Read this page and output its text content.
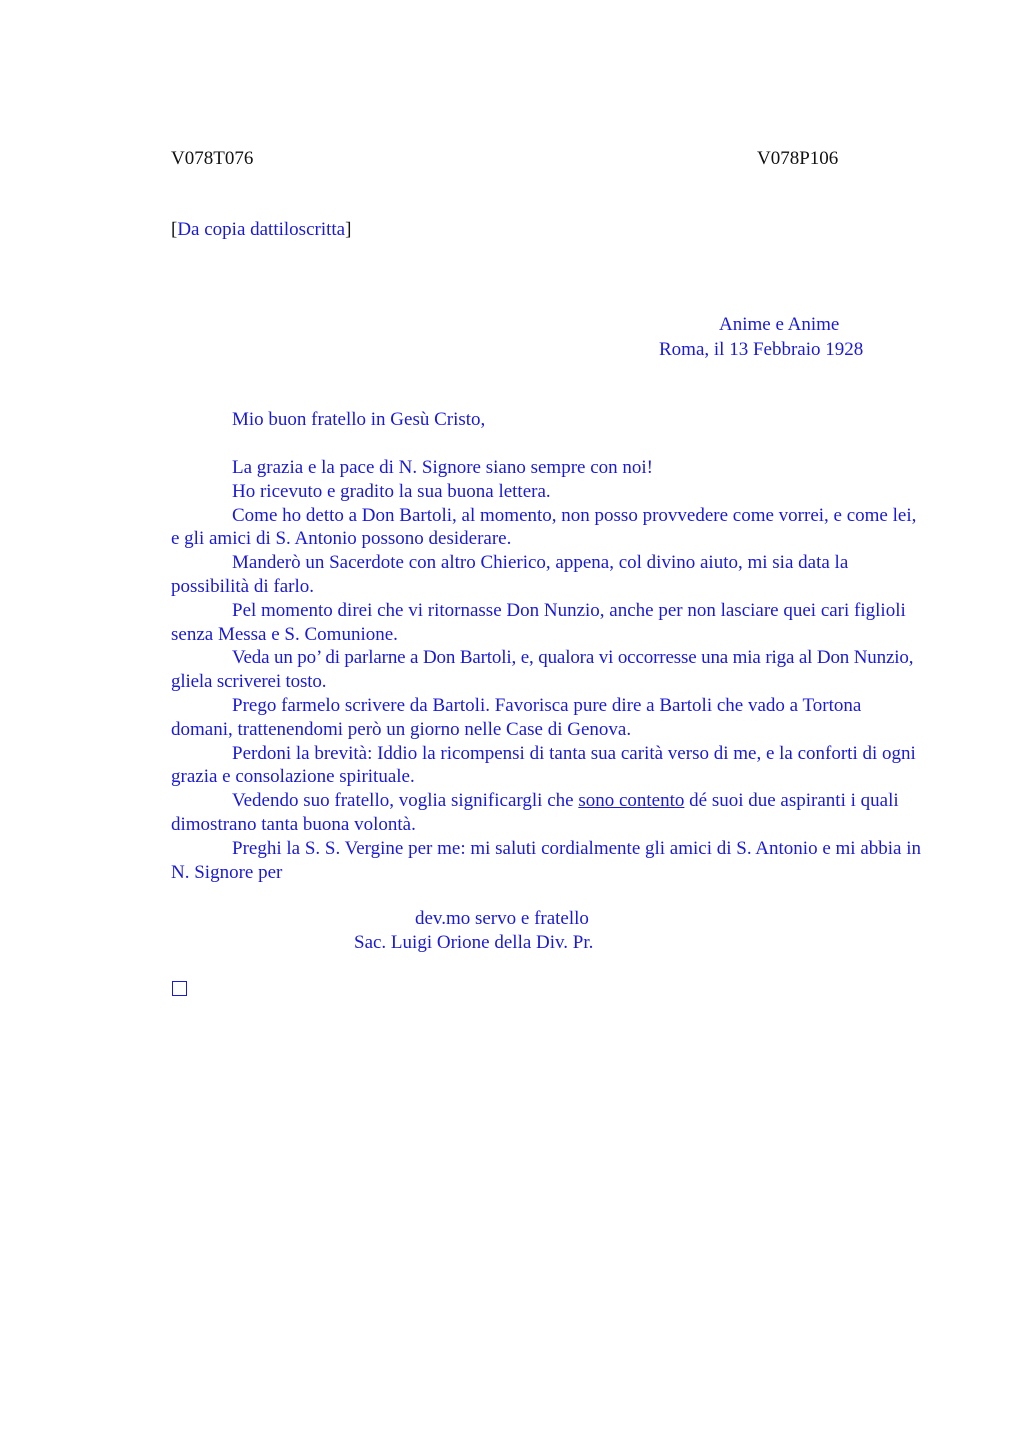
V078T076	V078P106
[Da copia dattiloscritta]
Anime e Anime
Roma, il 13 Febbraio 1928
Mio buon fratello in Gesù Cristo,

La grazia e la pace di N. Signore siano sempre con noi!

Ho ricevuto e gradito la sua buona lettera.

Come ho detto a Don Bartoli, al momento, non posso provvedere come vorrei, e come lei, e gli amici di S. Antonio possono desiderare.

Manderò un Sacerdote con altro Chierico, appena, col divino aiuto, mi sia data la possibilità di farlo.

Pel momento direi che vi ritornasse Don Nunzio, anche per non lasciare quei cari figlioli senza Messa e S. Comunione.

Veda un po’ di parlarne a Don Bartoli, e, qualora vi occorresse una mia riga al Don Nunzio, gliela scriverei tosto.

Prego farmelo scrivere da Bartoli. Favorisca pure dire a Bartoli che vado a Tortona domani, trattenendomi però un giorno nelle Case di Genova.

Perdoni la brevità: Iddio la ricompensi di tanta sua carità verso di me, e la conforti di ogni grazia e consolazione spirituale.

Vedendo suo fratello, voglia significargli che sono contento dé suoi due aspiranti i quali dimostrano tanta buona volontà.

Preghi la S. S. Vergine per me: mi saluti cordialmente gli amici di S. Antonio e mi abbia in N. Signore per

dev.mo servo e fratello
Sac. Luigi Orione della Div. Pr.
